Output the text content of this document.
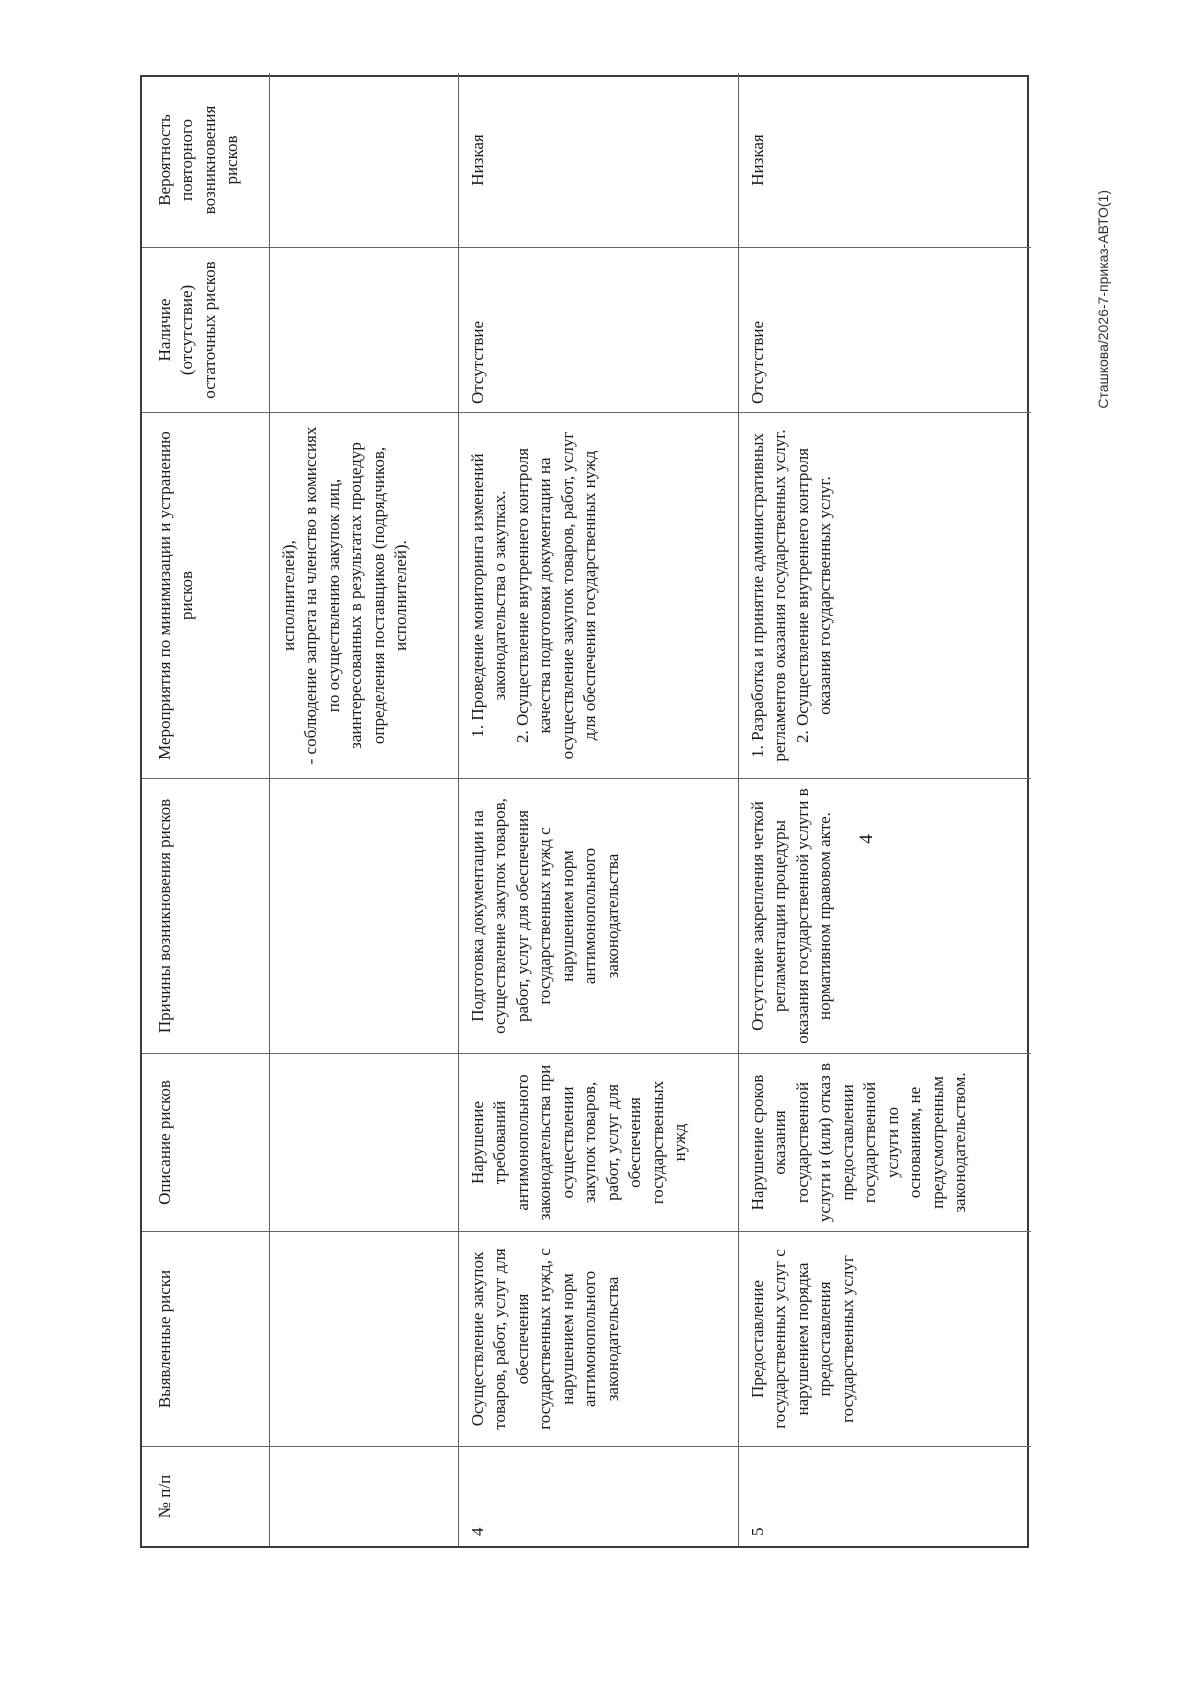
4
Сташкова/2026-7-приказ-АВТО(1)
№ п/п
Выявленные риски
Описание рисков
Причины возникновения рисков
Мероприятия по минимизации и устранению рисков
Наличие (отсутствие) остаточных рисков
Вероятность повторного возникновения рисков
исполнителей),
- соблюдение запрета на членство в комиссиях по осуществлению закупок лиц, заинтересованных в результатах процедур определения поставщиков (подрядчиков, исполнителей).
4
Осуществление закупок товаров, работ, услуг для обеспечения государственных нужд, с нарушением норм антимонопольного законодательства
Нарушение требований антимонопольного законодательства при осуществлении закупок товаров, работ, услуг для обеспечения государственных нужд
Подготовка документации на осуществление закупок товаров, работ, услуг для обеспечения государственных нужд с нарушением норм антимонопольного законодательства
1. Проведение мониторинга изменений законодательства о закупках.
2. Осуществление внутреннего контроля качества подготовки документации на осуществление закупок товаров, работ, услуг для обеспечения государственных нужд
Отсутствие
Низкая
5
Предоставление государственных услуг с нарушением порядка предоставления государственных услуг
Нарушение сроков оказания государственной услуги и (или) отказ в предоставлении государственной услуги по основаниям, не предусмотренным законодательством.
Отсутствие закрепления четкой регламентации процедуры оказания государственной услуги в нормативном правовом акте.
1. Разработка и принятие административных регламентов оказания государственных услуг.
2. Осуществление внутреннего контроля оказания государственных услуг.
Отсутствие
Низкая
